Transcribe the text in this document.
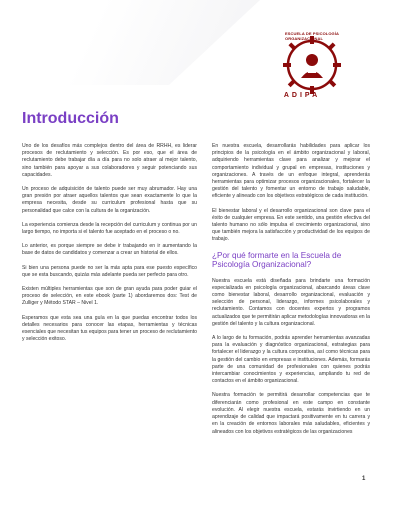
ESCUELA DE PSICOLOGÍA
ORGANIZACIONAL
ADIPA
Introducción

Uno de los desafíos más complejos dentro del área de RRHH, es liderar procesos de reclutamiento y selección. Es por eso, que el área de reclutamiento debe trabajar día a día para no solo atraer al mejor talento, sino también para apoyar a sus colaboradores y seguir potenciando sus capacidades.

Un proceso de adquisición de talento puede ser muy abrumador. Hay una gran presión por atraer aquellos talentos que sean exactamente lo que la empresa necesita, desde su curriculum profesional hasta que su personalidad que calce con la cultura de la organización.

La experiencia comienza desde la recepción del curriculum y continua por un largo tiempo, no importa si el talento fue aceptado en el proceso o no.

Lo anterior, es porque siempre se debe ir trabajando en ir aumentando la base de datos de candidatos y comenzar a crear un historial de ellos.

Si bien una persona puede no ser la más apta para ese puesto específico que se esta buscando, quizás más adelante pueda ser perfecto para otro.

Existen múltiples herramientas que son de gran ayuda para poder guiar el proceso de selección, en este ebook (parte 1) abordaremos dos: Test de Zulliger y Método STAR – Nivel 1.

Esperamos que esta sea una guía en la que puedas encontrar todos los detalles necesarios para conocer las etapas, herramientas y técnicas esenciales que necesitan tus equipos para tener un proceso de reclutamiento y selección exitoso.

En nuestra escuela, desarrollarás habilidades para aplicar los principios de la psicología en el ámbito organizacional y laboral, adquiriendo herramientas clave para analizar y mejorar el comportamiento individual y grupal en empresas, instituciones y organizaciones. A través de un enfoque integral, aprenderás herramientas para optimizar procesos organizacionales, fortalecer la gestión del talento y fomentar un entorno de trabajo saludable, eficiente y alineado con los objetivos estratégicos de cada institución.

El bienestar laboral y el desarrollo organizacional son clave para el éxito de cualquier empresa. En este sentido, una gestión efectiva del talento humano no sólo impulsa el crecimiento organizacional, sino que también mejora la satisfacción y productividad de los equipos de trabajo.

¿Por qué formarte en la Escuela de Psicología Organizacional?

Nuestra escuela está diseñada para brindarte una formación especializada en psicología organizacional, abarcando áreas clave como bienestar laboral, desarrollo organizacional, evaluación y selección de personal, liderazgo, informes psicolaborales y reclutamiento. Contamos con docentes expertos y programos actualizados que te permitirán aplicar metodologías innovadoras en la gestión del talento y la cultura organizacional.

A lo largo de tu formación, podrás aprender herramientas avanzadas para la evaluación y diagnóstico organizacional, estrategias para fortalecer el liderazgo y la cultura corporativa, así como técnicas para la gestión del cambio en empresas e instituciones. Además, formarás parte de una comunidad de profesionales con quienes podrás intercambiar conocimientos y experiencias, ampliando tu red de contactos en el ámbito organizacional.

Nuestra formación te permitirá desarrollar competencias que te diferenciarán como profesional en este campo en constante evolución. Al elegir nuestra escuela, estarás invirtiendo en un aprendizaje de calidad que impactará positivamente en tu carrera y en la creación de entornos laborales más saludables, eficientes y alineados con los objetivos estratégicos de las organizaciones

1
